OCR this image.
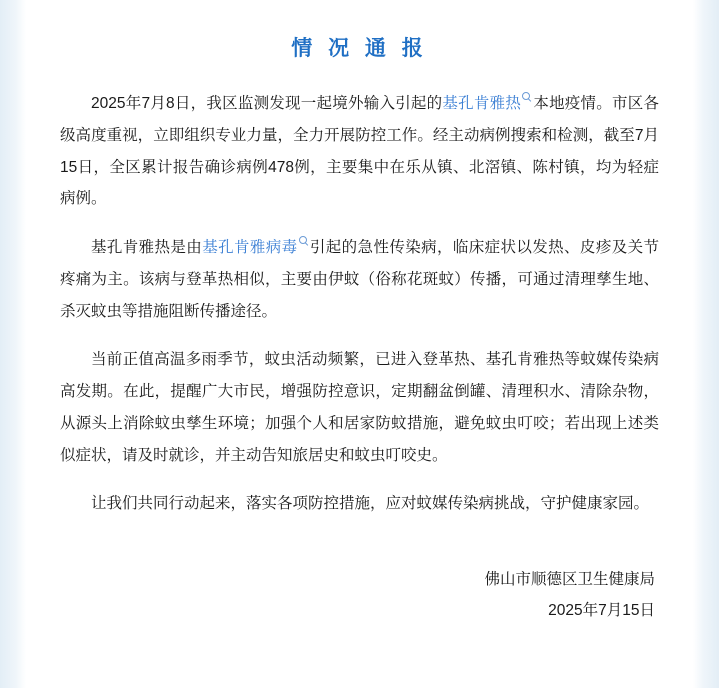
情 况 通 报

2025年7月8日，我区监测发现一起境外输入引起的基孔肯雅热 本地疫情。市区各级高度重视，立即组织专业力量，全力开展防控工作。经主动病例搜索和检测，截至7月15日，全区累计报告确诊病例478例，主要集中在乐从镇、北滘镇、陈村镇，均为轻症病例。

基孔肯雅热是由基孔肯雅病毒 引起的急性传染病，临床症状以发热、皮疹及关节疼痛为主。该病与登革热相似，主要由伊蚊（俗称花斑蚊）传播，可通过清理孳生地、杀灭蚊虫等措施阻断传播途径。

当前正值高温多雨季节，蚊虫活动频繁，已进入登革热、基孔肯雅热等蚊媒传染病高发期。在此，提醒广大市民，增强防控意识，定期翻盆倒罐、清理积水、清除杂物，从源头上消除蚊虫孳生环境；加强个人和居家防蚊措施，避免蚊虫叮咬；若出现上述类似症状，请及时就诊，并主动告知旅居史和蚊虫叮咬史。

让我们共同行动起来，落实各项防控措施，应对蚊媒传染病挑战，守护健康家园。

佛山市顺德区卫生健康局
2025年7月15日
